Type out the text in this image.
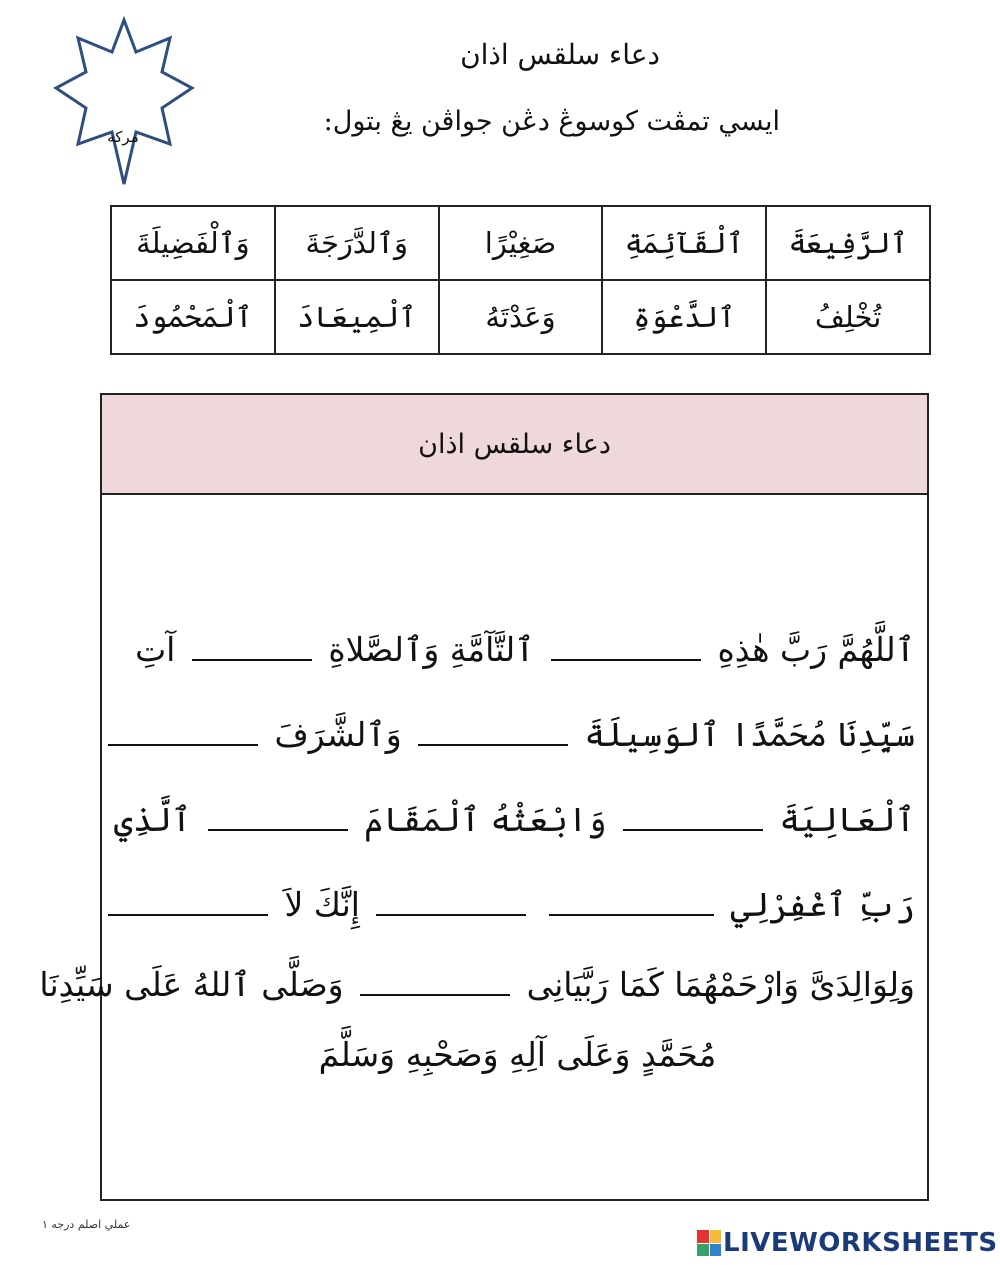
مركه
دعاء سلقس اذان
ايسي تمڤت كوسوڠ دڠن جواڤن يڠ بتول:
ٱلرَّفِيعَةَ	ٱلْقَآئِمَةِ	صَغِيْرًا	وَٱلدَّرَجَةَ	وَٱلْفَضِيلَةَ
تُخْلِفُ	ٱلدَّعْوَةِ	وَعَدْتَهُ	ٱلْمِيعَادَ	ٱلْمَحْمُودَ
دعاء سلقس اذان
ٱللَّهُمَّ رَبَّ هٰذِهِ  ٱلتَّآمَّةِ وَٱلصَّلاةِ  آتِ
سَيِّدِنَا مُحَمَّدًا ٱلوَسِيلَةَ  وَٱلشَّرَفَ
ٱلْعَالِيَةَ  وَابْعَثْهُ ٱلْمَقَامَ  ٱلَّذِي
رَبِّ ٱغْفِرْلِي   إِنَّكَ لاَ
وَلِوَالِدَىَّ وَارْحَمْهُمَا كَمَا رَبَّيَانِى  وَصَلَّى ٱللهُ عَلَى سَيِّدِنَا
مُحَمَّدٍ وَعَلَى آلِهِ وَصَحْبِهِ وَسَلَّمَ
عملي اصلم درجه ١
LIVEWORKSHEETS
